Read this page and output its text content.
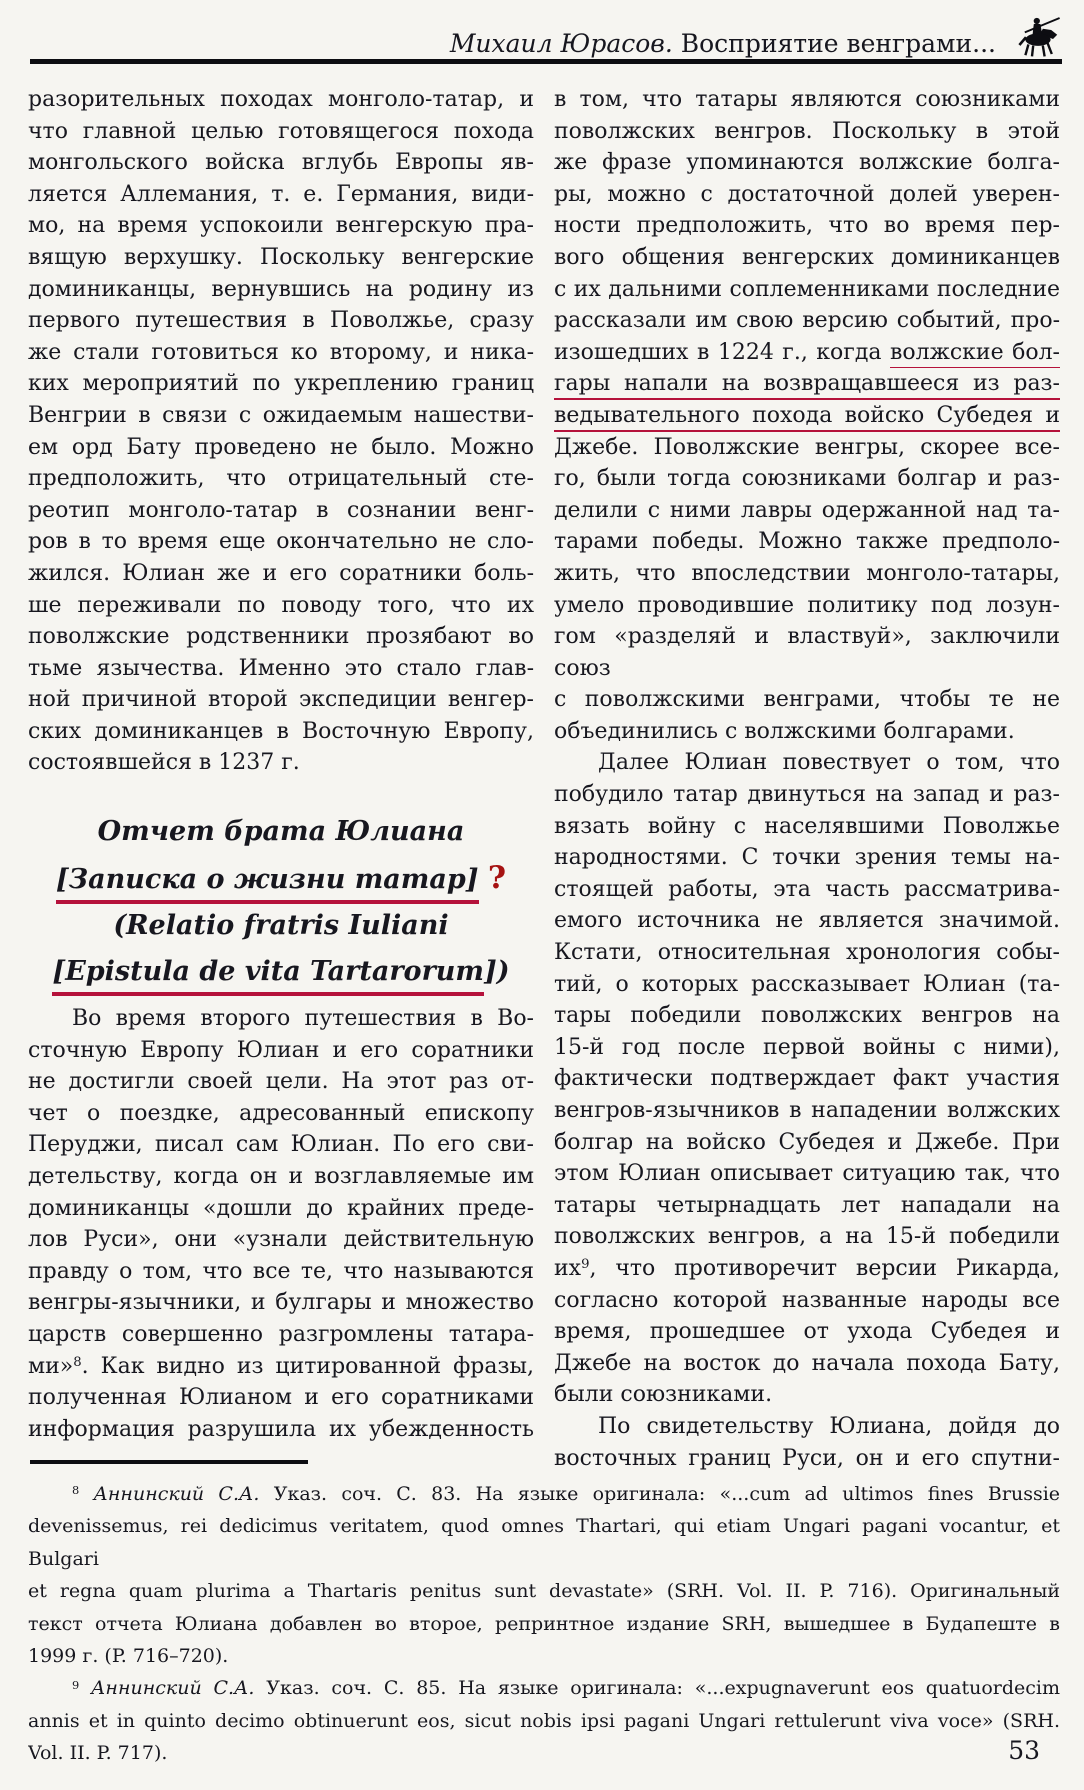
Михаил Юрасов. Восприятие венграми...
разорительных походах монголо-татар, и
что главной целью готовящегося похода
монгольского войска вглубь Европы яв-
ляется Аллемания, т. е. Германия, види-
мо, на время успокоили венгерскую пра-
вящую верхушку. Поскольку венгерские
доминиканцы, вернувшись на родину из
первого путешествия в Поволжье, сразу
же стали готовиться ко второму, и ника-
ких мероприятий по укреплению границ
Венгрии в связи с ожидаемым нашестви-
ем орд Бату проведено не было. Можно
предположить, что отрицательный сте-
реотип монголо-татар в сознании венг-
ров в то время еще окончательно не сло-
жился. Юлиан же и его соратники боль-
ше переживали по поводу того, что их
поволжские родственники прозябают во
тьме язычества. Именно это стало глав-
ной причиной второй экспедиции венгер-
ских доминиканцев в Восточную Европу,
состоявшейся в 1237 г.
Отчет брата Юлиана
[Записка о жизни татар] ?
(Relatio fratris Iuliani
[Epistula de vita Tartarorum])
Во время второго путешествия в Во-
сточную Европу Юлиан и его соратники
не достигли своей цели. На этот раз от-
чет о поездке, адресованный епископу
Перуджи, писал сам Юлиан. По его сви-
детельству, когда он и возглавляемые им
доминиканцы «дошли до крайних преде-
лов Руси», они «узнали действительную
правду о том, что все те, что называются
венгры-язычники, и булгары и множество
царств совершенно разгромлены татара-
ми»$^8$. Как видно из цитированной фразы,
полученная Юлианом и его соратниками
информация разрушила их убежденность
в том, что татары являются союзниками
поволжских венгров. Поскольку в этой
же фразе упоминаются волжские болга-
ры, можно с достаточной долей уверен-
ности предположить, что во время пер-
вого общения венгерских доминиканцев
с их дальними соплеменниками последние
рассказали им свою версию событий, про-
изошедших в 1224 г., когда волжские бол-
гары напали на возвращавшееся из раз-
ведывательного похода войско Субедея и
Джебе. Поволжские венгры, скорее все-
го, были тогда союзниками болгар и раз-
делили с ними лавры одержанной над та-
тарами победы. Можно также предполо-
жить, что впоследствии монголо-татары,
умело проводившие политику под лозун-
гом «разделяй и властвуй», заключили союз
с поволжскими венграми, чтобы те не
объединились с волжскими болгарами.
Далее Юлиан повествует о том, что
побудило татар двинуться на запад и раз-
вязать войну с населявшими Поволжье
народностями. С точки зрения темы на-
стоящей работы, эта часть рассматрива-
емого источника не является значимой.
Кстати, относительная хронология собы-
тий, о которых рассказывает Юлиан (та-
тары победили поволжских венгров на
15-й год после первой войны с ними),
фактически подтверждает факт участия
венгров-язычников в нападении волжских
болгар на войско Субедея и Джебе. При
этом Юлиан описывает ситуацию так, что
татары четырнадцать лет нападали на
поволжских венгров, а на 15-й победили
$их^9$, что противоречит версии Рикарда,
согласно которой названные народы все
время, прошедшее от ухода Субедея и
Джебе на восток до начала похода Бату,
были союзниками.
По свидетельству Юлиана, дойдя до
восточных границ Руси, он и его спутни-
$^8$ Аннинский С.А. Указ. соч. С. 83. На языке оригинала: «...cum ad ultimos fines Brussie
devenissemus, rei dedicimus veritatem, quod omnes Thartari, qui etiam Ungari pagani vocantur, et Bulgari
et regna quam plurima a Thartaris penitus sunt devastate» (SRH. Vol. II. P. 716). Оригинальный
текст отчета Юлиана добавлен во второе, репринтное издание SRH, вышедшее в Будапеште в
1999 г. (P. 716–720).
$^9$ Аннинский С.А. Указ. соч. С. 85. На языке оригинала: «...expugnaverunt eos quatuordecim
annis et in quinto decimo obtinuerunt eos, sicut nobis ipsi pagani Ungari rettulerunt viva voce» (SRH.
Vol. II. P. 717).	53
